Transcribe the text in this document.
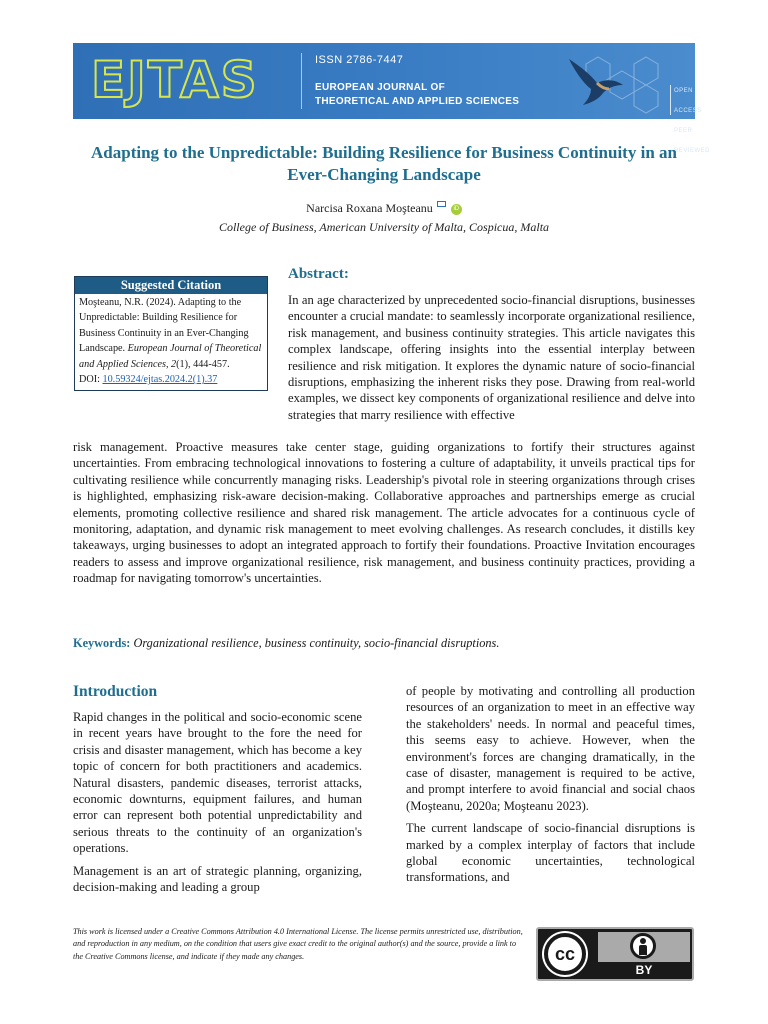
EJTAS	ISSN 2786-7447
EUROPEAN JOURNAL OF
THEORETICAL AND APPLIED SCIENCES
OPEN ACCESS
PEER REVIEWED
Adapting to the Unpredictable: Building Resilience for Business Continuity in an Ever-Changing Landscape
Narcisa Roxana Moşteanu	iD
College of Business, American University of Malta, Cospicua, Malta
Suggested Citation
Moşteanu, N.R. (2024). Adapting to the Unpredictable: Building Resilience for Business Continuity in an Ever-Changing Landscape. European Journal of Theoretical and Applied Sciences, 2(1), 444-457.
DOI: 10.59324/ejtas.2024.2(1).37
Abstract:
In an age characterized by unprecedented socio-financial disruptions, businesses encounter a crucial mandate: to seamlessly incorporate organizational resilience, risk management, and business continuity strategies. This article navigates this complex landscape, offering insights into the essential interplay between resilience and risk mitigation. It explores the dynamic nature of socio-financial disruptions, emphasizing the inherent risks they pose. Drawing from real-world examples, we dissect key components of organizational resilience and delve into strategies that marry resilience with effective
risk management. Proactive measures take center stage, guiding organizations to fortify their structures against uncertainties. From embracing technological innovations to fostering a culture of adaptability, it unveils practical tips for cultivating resilience while concurrently managing risks. Leadership's pivotal role in steering organizations through crises is highlighted, emphasizing risk-aware decision-making. Collaborative approaches and partnerships emerge as crucial elements, promoting collective resilience and shared risk management. The article advocates for a continuous cycle of monitoring, adaptation, and dynamic risk management to meet evolving challenges. As research concludes, it distills key takeaways, urging businesses to adopt an integrated approach to fortify their foundations. Proactive Invitation encourages readers to assess and improve organizational resilience, risk management, and business continuity practices, providing a roadmap for navigating tomorrow's uncertainties.
Keywords: Organizational resilience, business continuity, socio-financial disruptions.
Introduction

Rapid changes in the political and socio-economic scene in recent years have brought to the fore the need for crisis and disaster management, which has become a key topic of concern for both practitioners and academics. Natural disasters, pandemic diseases, terrorist attacks, economic downturns, equipment failures, and human error can represent both potential unpredictability and serious threats to the continuity of an organization's operations.

Management is an art of strategic planning, organizing, decision-making and leading a group

of people by motivating and controlling all production resources of an organization to meet in an effective way the stakeholders' needs. In normal and peaceful times, this seems easy to achieve. However, when the environment's forces are changing dramatically, in the case of disaster, management is required to be active, and prompt interfere to avoid financial and social chaos (Moşteanu, 2020a; Moşteanu 2023).

The current landscape of socio-financial disruptions is marked by a complex interplay of factors that include global economic uncertainties, technological transformations, and

This work is licensed under a Creative Commons Attribution 4.0 International License. The license permits unrestricted use, distribution, and reproduction in any medium, on the condition that users give exact credit to the original author(s) and the source, provide a link to the Creative Commons license, and indicate if they made any changes.	cc
BY
